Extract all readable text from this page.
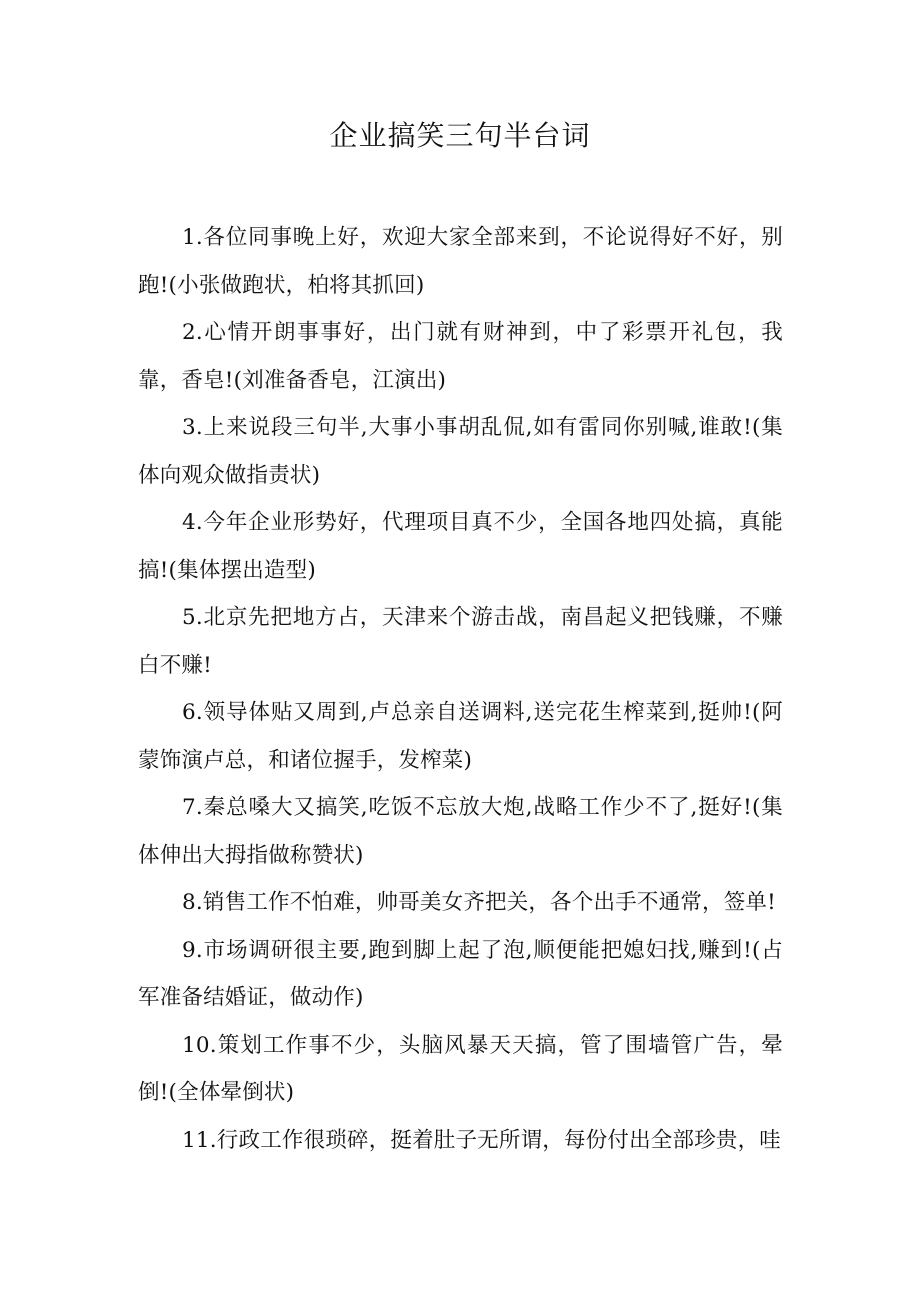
企业搞笑三句半台词

1.各位同事晚上好，欢迎大家全部来到，不论说得好不好，别跑!(小张做跑状，柏将其抓回)

2.心情开朗事事好，出门就有财神到，中了彩票开礼包，我靠，香皂!(刘准备香皂，江演出)

3.上来说段三句半,大事小事胡乱侃,如有雷同你别喊,谁敢!(集体向观众做指责状)

4.今年企业形势好，代理项目真不少，全国各地四处搞，真能搞!(集体摆出造型)

5.北京先把地方占，天津来个游击战，南昌起义把钱赚，不赚白不赚!

6.领导体贴又周到,卢总亲自送调料,送完花生榨菜到,挺帅!(阿蒙饰演卢总，和诸位握手，发榨菜)

7.秦总嗓大又搞笑,吃饭不忘放大炮,战略工作少不了,挺好!(集体伸出大拇指做称赞状)

8.销售工作不怕难，帅哥美女齐把关，各个出手不通常，签单!

9.市场调研很主要,跑到脚上起了泡,顺便能把媳妇找,赚到!(占军准备结婚证，做动作)

10.策划工作事不少，头脑风暴天天搞，管了围墙管广告，晕倒!(全体晕倒状)

11.行政工作很琐碎，挺着肚子无所谓，每份付出全部珍贵，哇
